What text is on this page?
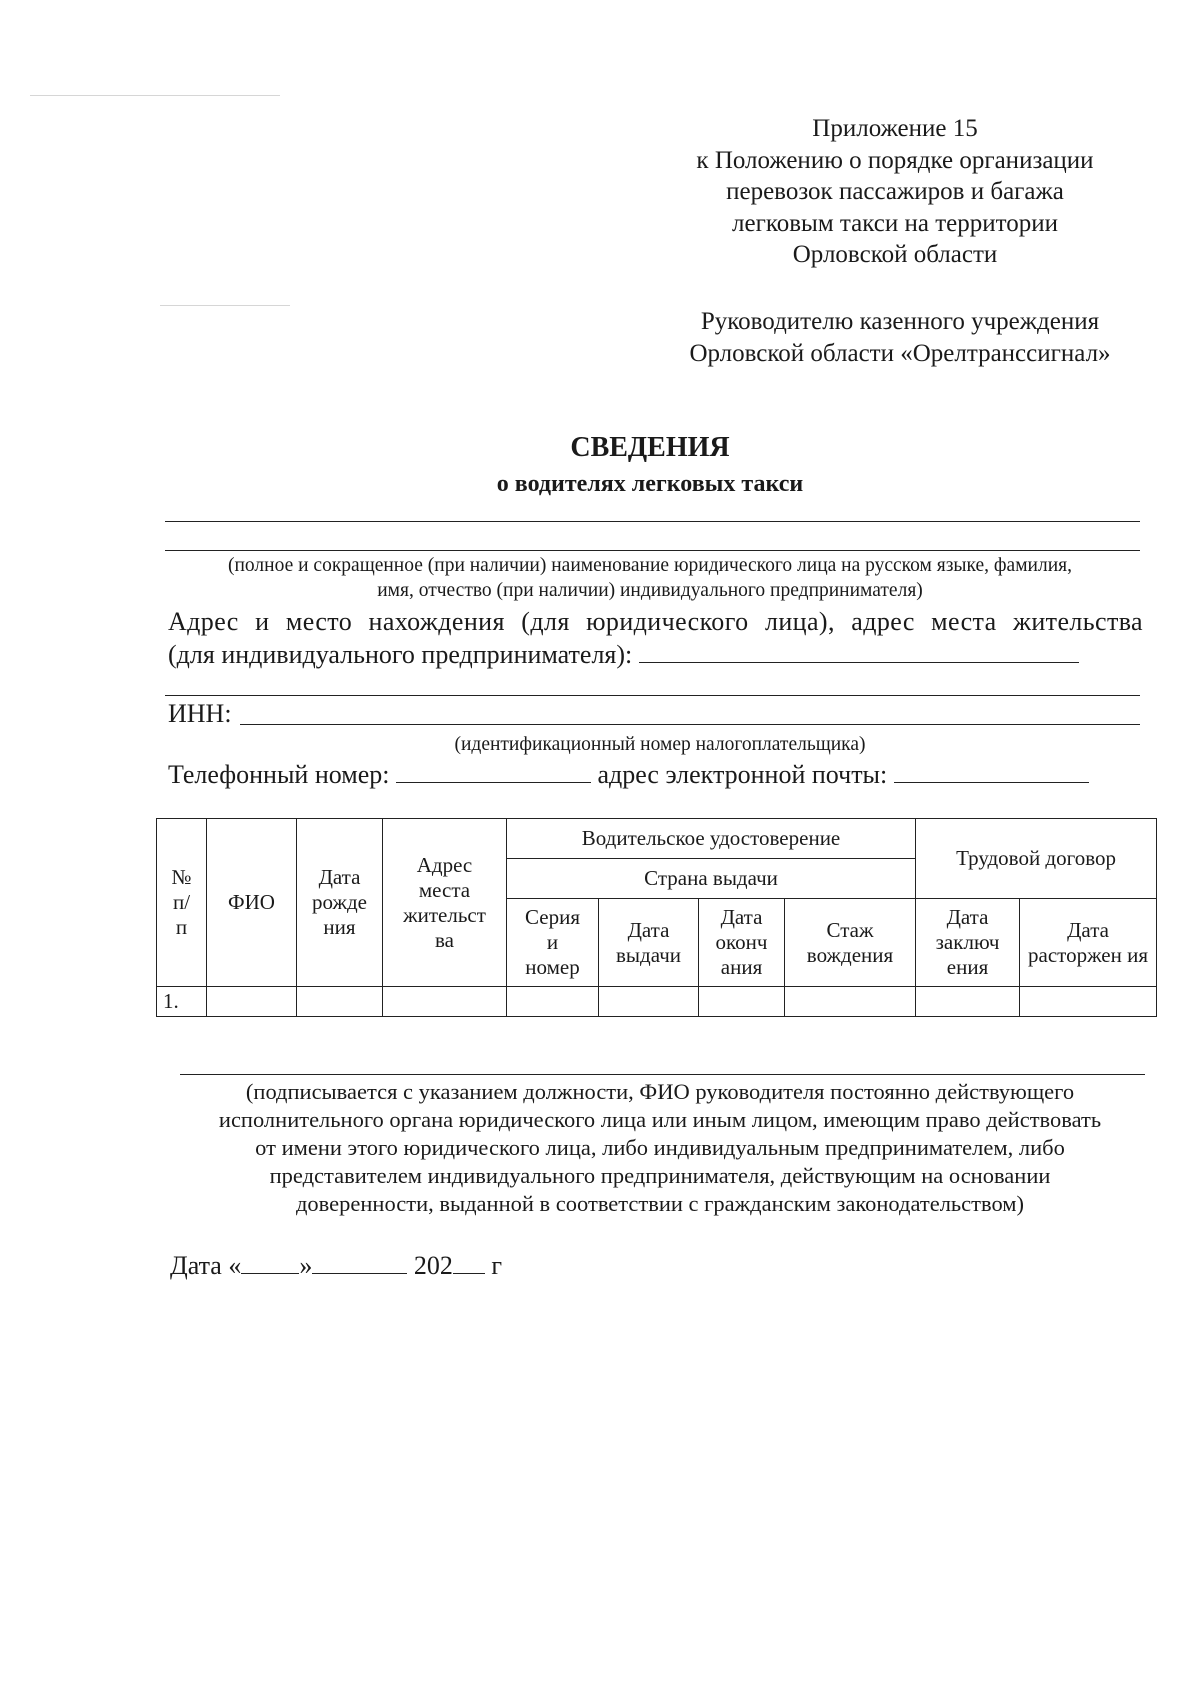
Приложение 15
к Положению о порядке организации
перевозок пассажиров и багажа
легковым такси на территории
Орловской области
Руководителю казенного учреждения
Орловской области «Орелтранссигнал»
СВЕДЕНИЯ
о водителях легковых такси
(полное и сокращенное (при наличии) наименование юридического лица на русском языке, фамилия,
имя, отчество (при наличии) индивидуального предпринимателя)
Адрес и место нахождения (для юридического лица), адрес места жительства
(для индивидуального предпринимателя):
ИНН:
(идентификационный номер налогоплательщика)
Телефонный номер:	адрес электронной почты:
№ п/ п	ФИО	Дата рожде ния	Адрес места жительст ва	Водительское удостоверение				Трудовой договор	
				Страна выдачи					
				Серия и номер	Дата выдачи	Дата оконч ания	Стаж вождения	Дата заключ ения	Дата расторжен ия
1.									
(подписывается с указанием должности, ФИО руководителя постоянно действующего
исполнительного органа юридического лица или иным лицом, имеющим право действовать
от имени этого юридического лица, либо индивидуальным предпринимателем, либо
представителем индивидуального предпринимателя, действующим на основании
доверенности, выданной в соответствии с гражданским законодательством)
Дата « »	202 г
